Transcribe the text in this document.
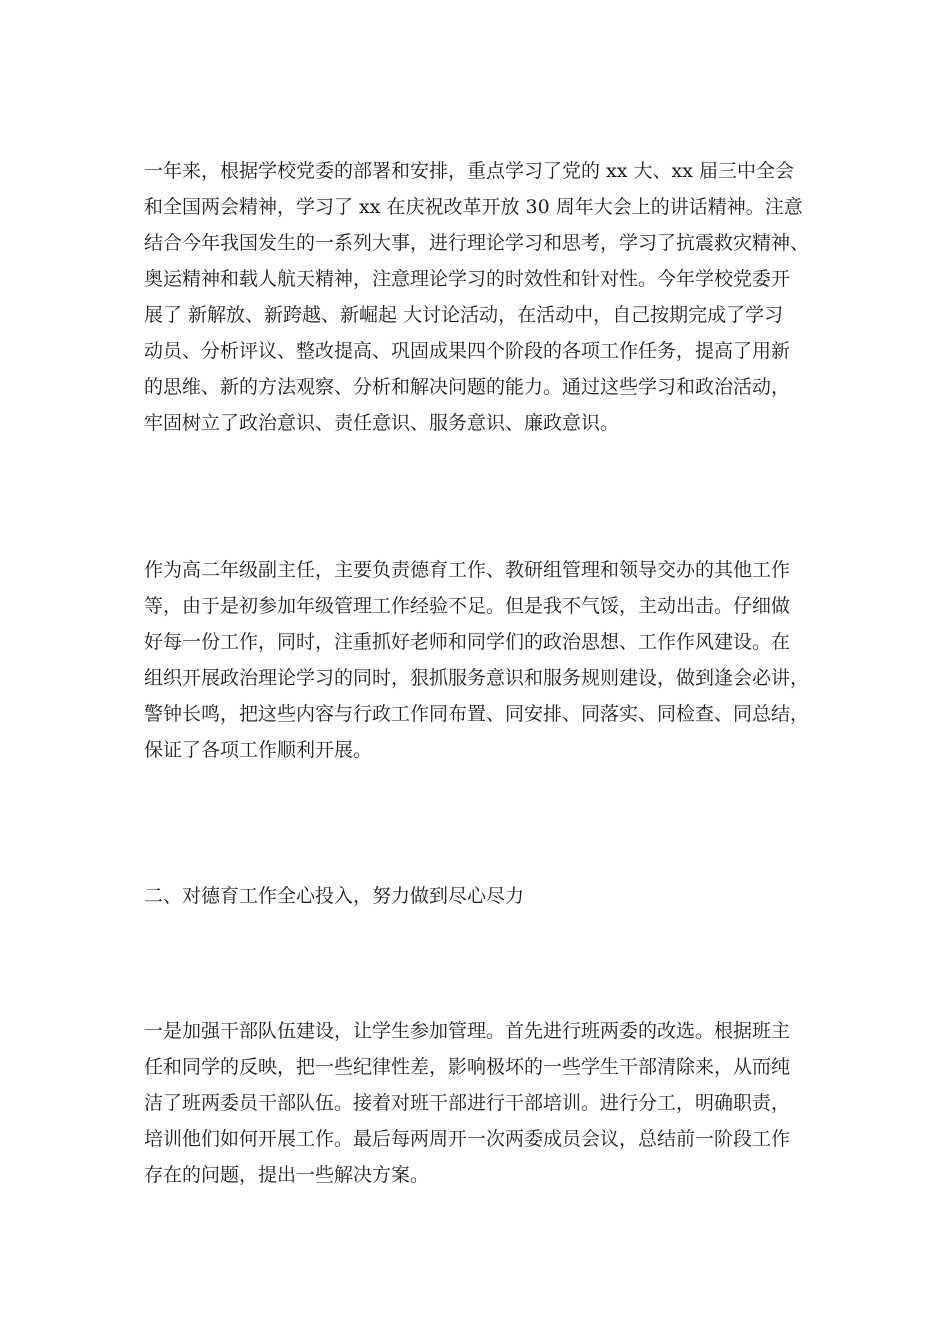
一年来，根据学校党委的部署和安排，重点学习了党的 xx 大、xx 届三中全会
和全国两会精神，学习了 xx 在庆祝改革开放 30 周年大会上的讲话精神。注意
结合今年我国发生的一系列大事，进行理论学习和思考，学习了抗震救灾精神、
奥运精神和载人航天精神，注意理论学习的时效性和针对性。今年学校党委开
展了 新解放、新跨越、新崛起 大讨论活动，在活动中，自己按期完成了学习
动员、分析评议、整改提高、巩固成果四个阶段的各项工作任务，提高了用新
的思维、新的方法观察、分析和解决问题的能力。通过这些学习和政治活动，
牢固树立了政治意识、责任意识、服务意识、廉政意识。
作为高二年级副主任，主要负责德育工作、教研组管理和领导交办的其他工作
等，由于是初参加年级管理工作经验不足。但是我不气馁，主动出击。仔细做
好每一份工作，同时，注重抓好老师和同学们的政治思想、工作作风建设。在
组织开展政治理论学习的同时，狠抓服务意识和服务规则建设，做到逢会必讲，
警钟长鸣，把这些内容与行政工作同布置、同安排、同落实、同检查、同总结，
保证了各项工作顺利开展。
二、对德育工作全心投入，努力做到尽心尽力
一是加强干部队伍建设，让学生参加管理。首先进行班两委的改选。根据班主
任和同学的反映，把一些纪律性差，影响极坏的一些学生干部清除来，从而纯
洁了班两委员干部队伍。接着对班干部进行干部培训。进行分工，明确职责，
培训他们如何开展工作。最后每两周开一次两委成员会议，总结前一阶段工作
存在的问题，提出一些解决方案。
